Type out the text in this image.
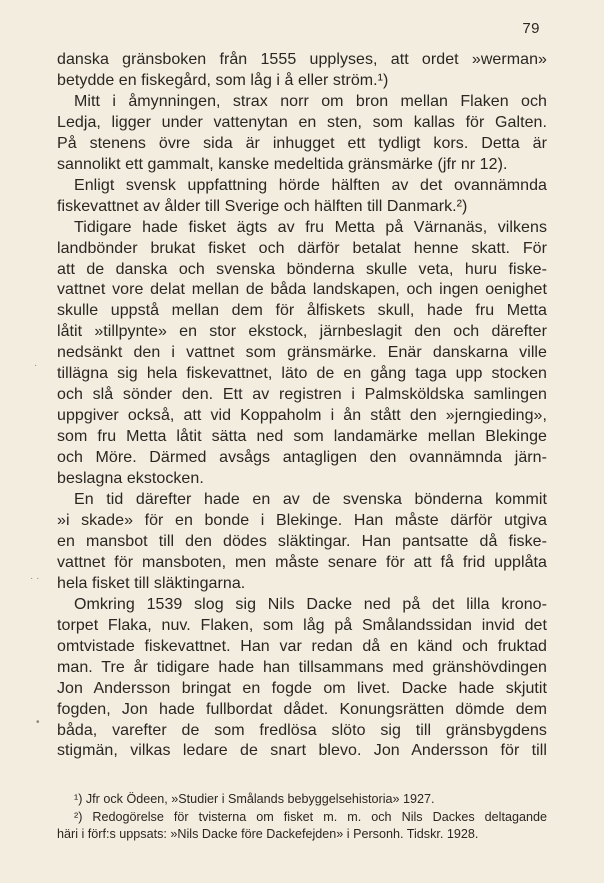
79
danska gränsboken från 1555 upplyses, att ordet »werman»
betydde en fiskegård, som låg i å eller ström.¹)
Mitt i åmynningen, strax norr om bron mellan Flaken och
Ledja, ligger under vattenytan en sten, som kallas för Galten.
På stenens övre sida är inhugget ett tydligt kors. Detta är
sannolikt ett gammalt, kanske medeltida gränsmärke (jfr nr 12).
Enligt svensk uppfattning hörde hälften av det ovannämnda
fiskevattnet av ålder till Sverige och hälften till Danmark.²)
Tidigare hade fisket ägts av fru Metta på Värnanäs, vilkens
landbönder brukat fisket och därför betalat henne skatt. För
att de danska och svenska bönderna skulle veta, huru fiske-
vattnet vore delat mellan de båda landskapen, och ingen oenighet
skulle uppstå mellan dem för ålfiskets skull, hade fru Metta
låtit »tillpynte» en stor ekstock, järnbeslagit den och därefter
nedsänkt den i vattnet som gränsmärke. Enär danskarna ville
tillägna sig hela fiskevattnet, läto de en gång taga upp stocken
och slå sönder den. Ett av registren i Palmsköldska samlingen
uppgiver också, att vid Koppaholm i ån stått den »jerngieding»,
som fru Metta låtit sätta ned som landamärke mellan Blekinge
och Möre. Därmed avsågs antagligen den ovannämnda järn-
beslagna ekstocken.
En tid därefter hade en av de svenska bönderna kommit
»i skade» för en bonde i Blekinge. Han måste därför utgiva
en mansbot till den dödes släktingar. Han pantsatte då fiske-
vattnet för mansboten, men måste senare för att få frid upplåta
hela fisket till släktingarna.
Omkring 1539 slog sig Nils Dacke ned på det lilla krono-
torpet Flaka, nuv. Flaken, som låg på Smålandssidan invid det
omtvistade fiskevattnet. Han var redan då en känd och fruktad
man. Tre år tidigare hade han tillsammans med gränshövdingen
Jon Andersson bringat en fogde om livet. Dacke hade skjutit
fogden, Jon hade fullbordat dådet. Konungsrätten dömde dem
båda, varefter de som fredlösa slöto sig till gränsbygdens
stigmän, vilkas ledare de snart blevo. Jon Andersson för till
¹) Jfr ock Ödeen, »Studier i Smålands bebyggelsehistoria» 1927.
²) Redogörelse för tvisterna om fisket m. m. och Nils Dackes deltagande
häri i förf:s uppsats: »Nils Dacke före Dackefejden» i Personh. Tidskr. 1928.
·
· ·
•
